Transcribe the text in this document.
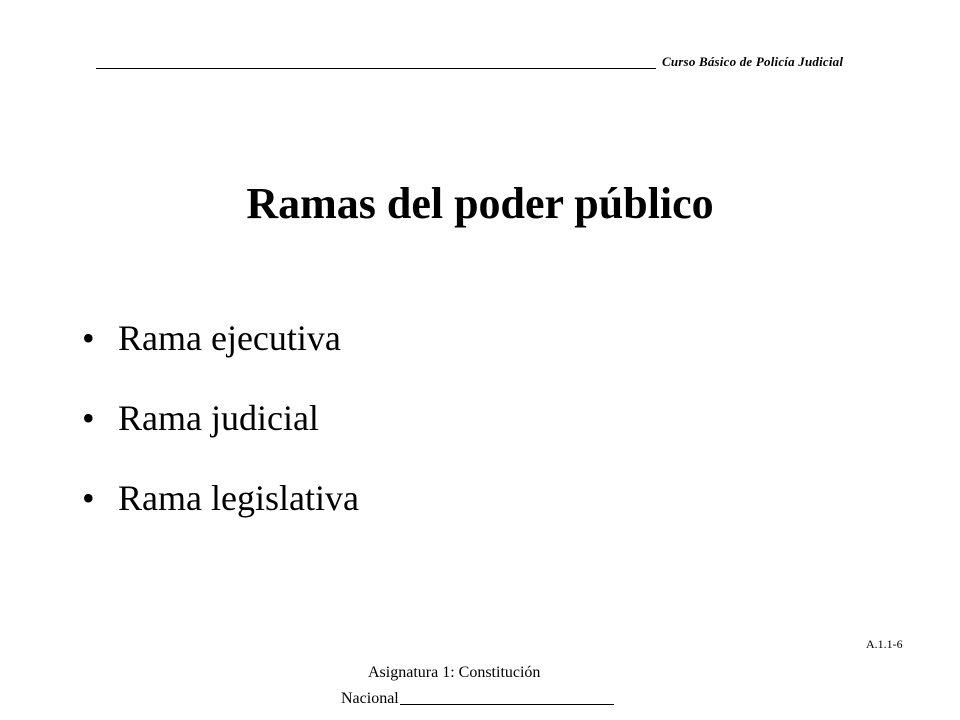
Curso Básico de Policía Judicial
Ramas del poder público
• Rama ejecutiva
• Rama judicial
• Rama legislativa
A.1.1-6
Asignatura 1: Constitución
Nacional
